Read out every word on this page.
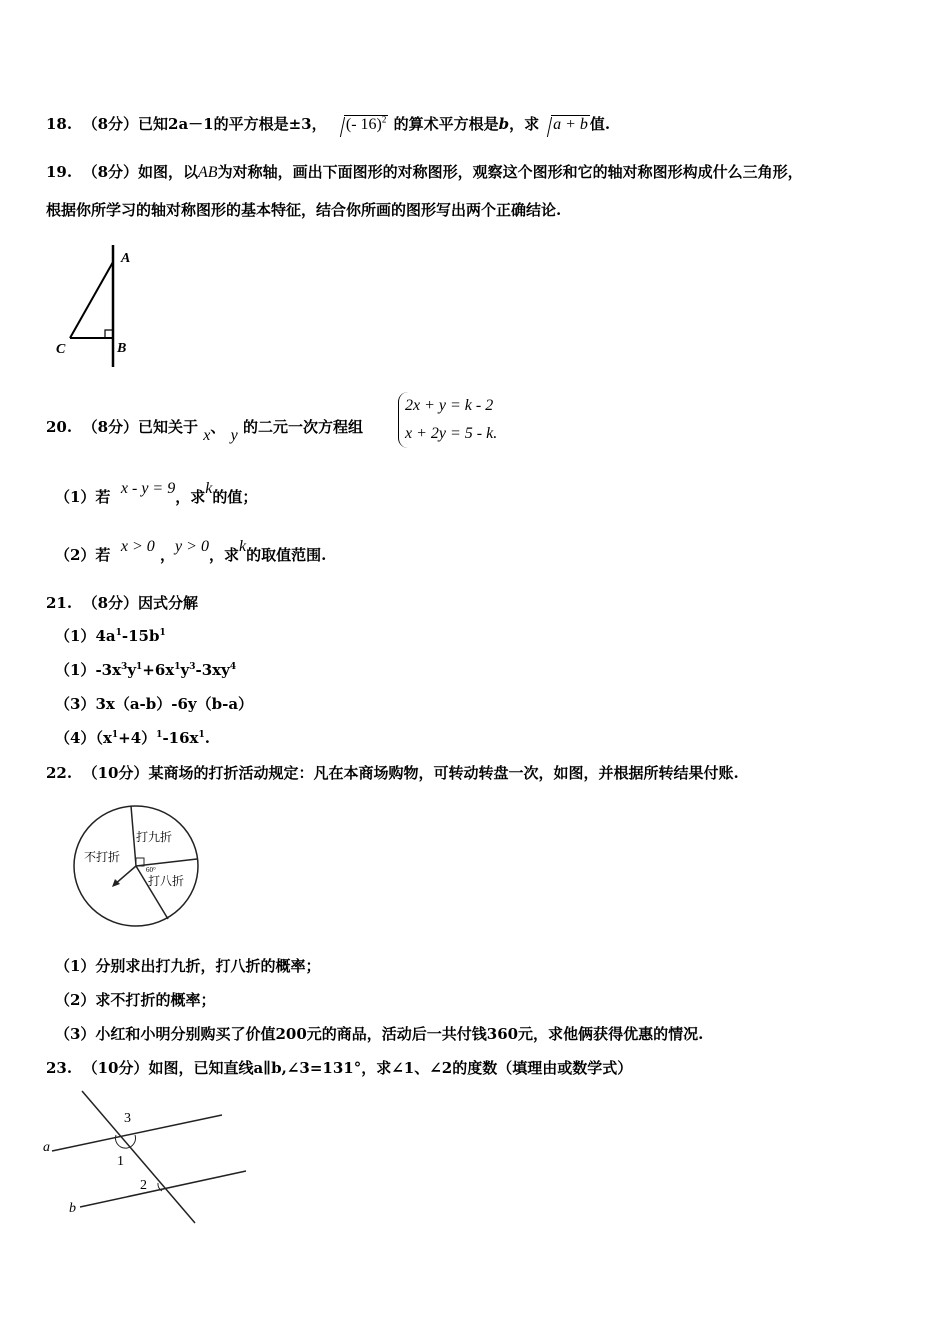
18. （8分）已知2a－1的平方根是±3， (- 16)$^2$ 的算术平方根是b，求 a + b 值.
19. （8分）如图，以AB为对称轴，画出下面图形的对称图形，观察这个图形和它的轴对称图形构成什么三角形，
根据你所学习的轴对称图形的基本特征，结合你所画的图形写出两个正确结论.
A
B
C
20. （8分）已知关于 x、 y 的二元一次方程组
2x + y = k - 2
x + 2y = 5 - k.
（1）若 x - y = 9，求k的值；
（2）若 x > 0 ，y > 0，求k的取值范围.
21. （8分）因式分解
$(1)4a^1-15b^1$
$(1)-3x^3y^1+6x^1y^3-3xy^4$
（3）3x（a-b）-6y（b-a）
$(4)(x^1+4)^1-16x^1$.
22. （10分）某商场的打折活动规定：凡在本商场购物，可转动转盘一次，如图，并根据所转结果付账.
打九折
不打折
打八折
60°
（1）分别求出打九折，打八折的概率；
（2）求不打折的概率；
（3）小红和小明分别购买了价值200元的商品，活动后一共付钱360元，求他俩获得优惠的情况.
23. （10分）如图，已知直线a∥b,∠3=131°，求∠1、∠2的度数（填理由或数学式）
a
b
1
2
3
